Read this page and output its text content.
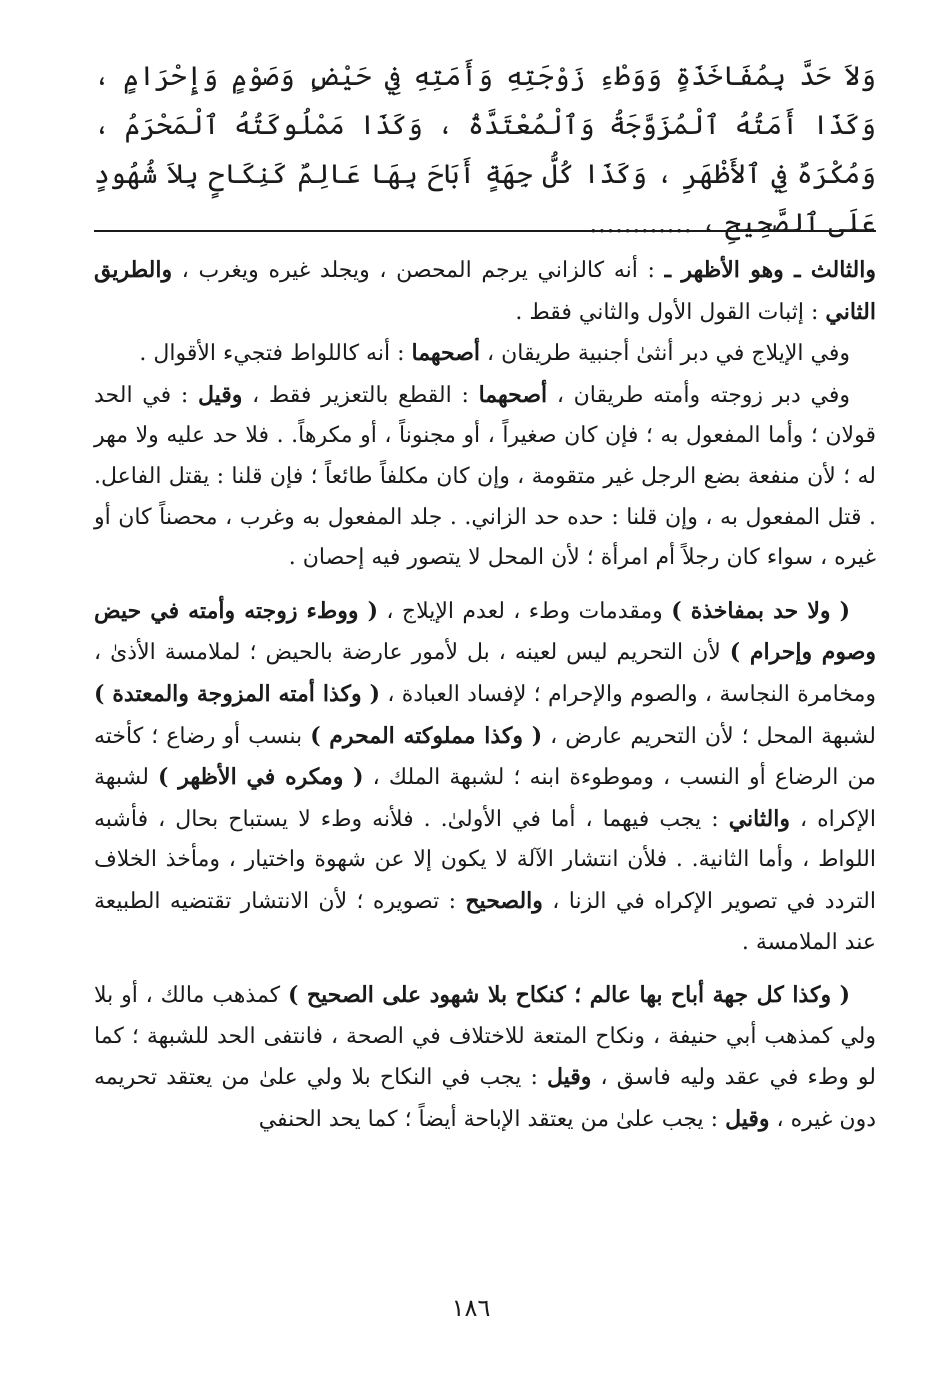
وَلاَ حَدَّ بِمُفَاخَذَةٍ وَوَطْءِ زَوْجَتِهِ وَأَمَتِهِ فِي حَيْضٍ وَصَوْمٍ وَإِحْرَامٍ ، وَكَذَا أَمَتُهُ ٱلْمُزَوَّجَةُ وَٱلْمُعْتَدَّةُ ، وَكَذَا مَمْلُوكَتُهُ ٱلْمَحْرَمُ ، وَمُكْرَهٌ فِي ٱلأَظْهَرِ ، وَكَذَا كُلُّ جِهَةٍ أَبَاحَ بِهَا عَالِمٌ كَنِكَاحٍ بِلاَ شُهُودٍ عَلَى ٱلصَّحِيحِ ، ............

والثالث ـ وهو الأظهر ـ : أنه كالزاني يرجم المحصن ، ويجلد غيره ويغرب ، والطريق الثاني : إثبات القول الأول والثاني فقط .

وفي الإيلاج في دبر أنثىٰ أجنبية طريقان ، أصحهما : أنه كاللواط فتجيء الأقوال .

وفي دبر زوجته وأمته طريقان ، أصحهما : القطع بالتعزير فقط ، وقيل : في الحد قولان ؛ وأما المفعول به ؛ فإن كان صغيراً ، أو مجنوناً ، أو مكرهاً. . فلا حد عليه ولا مهر له ؛ لأن منفعة بضع الرجل غير متقومة ، وإن كان مكلفاً طائعاً ؛ فإن قلنا : يقتل الفاعل. . قتل المفعول به ، وإن قلنا : حده حد الزاني. . جلد المفعول به وغرب ، محصناً كان أو غيره ، سواء كان رجلاً أم امرأة ؛ لأن المحل لا يتصور فيه إحصان .

( ولا حد بمفاخذة ) ومقدمات وطء ، لعدم الإيلاج ، ( ووطء زوجته وأمته في حيض وصوم وإحرام ) لأن التحريم ليس لعينه ، بل لأمور عارضة بالحيض ؛ لملامسة الأذىٰ ، ومخامرة النجاسة ، والصوم والإحرام ؛ لإفساد العبادة ، ( وكذا أمته المزوجة والمعتدة ) لشبهة المحل ؛ لأن التحريم عارض ، ( وكذا مملوكته المحرم ) بنسب أو رضاع ؛ كأخته من الرضاع أو النسب ، وموطوءة ابنه ؛ لشبهة الملك ، ( ومكره في الأظهر ) لشبهة الإكراه ، والثاني : يجب فيهما ، أما في الأولىٰ. . فلأنه وطء لا يستباح بحال ، فأشبه اللواط ، وأما الثانية. . فلأن انتشار الآلة لا يكون إلا عن شهوة واختيار ، ومأخذ الخلاف التردد في تصوير الإكراه في الزنا ، والصحيح : تصويره ؛ لأن الانتشار تقتضيه الطبيعة عند الملامسة .

( وكذا كل جهة أباح بها عالم ؛ كنكاح بلا شهود على الصحيح ) كمذهب مالك ، أو بلا ولي كمذهب أبي حنيفة ، ونكاح المتعة للاختلاف في الصحة ، فانتفى الحد للشبهة ؛ كما لو وطء في عقد وليه فاسق ، وقيل : يجب في النكاح بلا ولي علىٰ من يعتقد تحريمه دون غيره ، وقيل : يجب علىٰ من يعتقد الإباحة أيضاً ؛ كما يحد الحنفي

١٨٦
